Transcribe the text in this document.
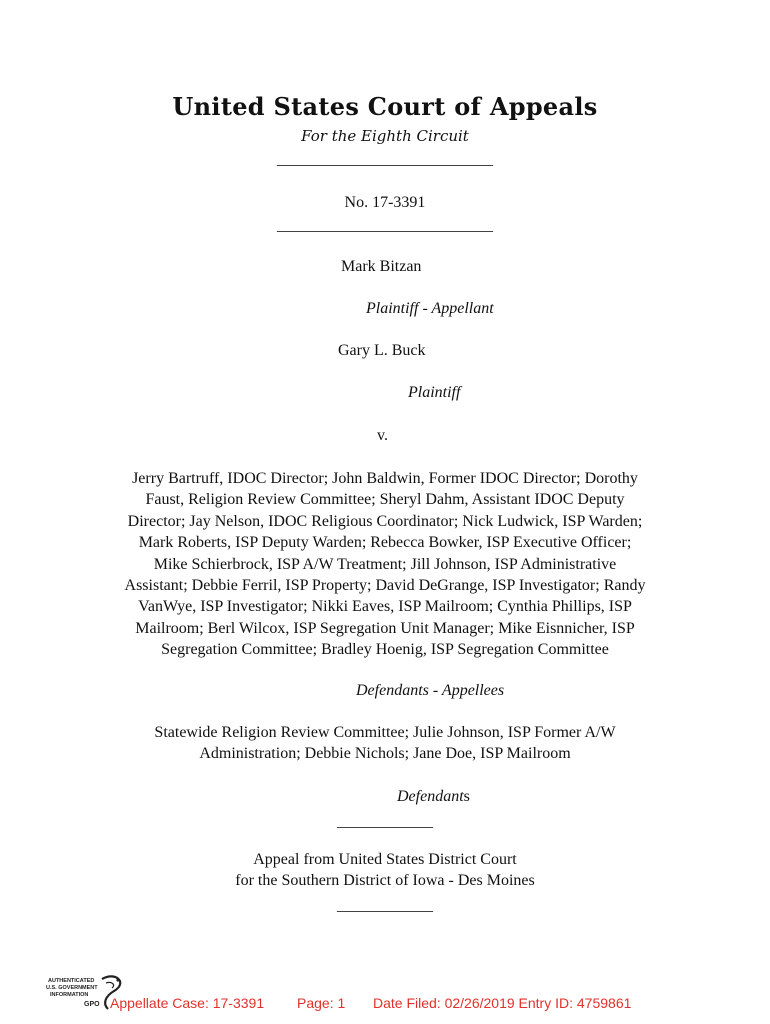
United States Court of Appeals
For the Eighth Circuit
___________________________
No. 17-3391
___________________________
Mark Bitzan
Plaintiff - Appellant
Gary L. Buck
Plaintiff
v.
Jerry Bartruff, IDOC Director; John Baldwin, Former IDOC Director; Dorothy
Faust, Religion Review Committee; Sheryl Dahm, Assistant IDOC Deputy
Director; Jay Nelson, IDOC Religious Coordinator; Nick Ludwick, ISP Warden;
Mark Roberts, ISP Deputy Warden; Rebecca Bowker, ISP Executive Officer;
Mike Schierbrock, ISP A/W Treatment; Jill Johnson, ISP Administrative
Assistant; Debbie Ferril, ISP Property; David DeGrange, ISP Investigator; Randy
VanWye, ISP Investigator; Nikki Eaves, ISP Mailroom; Cynthia Phillips, ISP
Mailroom; Berl Wilcox, ISP Segregation Unit Manager; Mike Eisnnicher, ISP
Segregation Committee; Bradley Hoenig, ISP Segregation Committee
Defendants - Appellees
Statewide Religion Review Committee; Julie Johnson, ISP Former A/W
Administration; Debbie Nichols; Jane Doe, ISP Mailroom
Defendants
____________
Appeal from United States District Court
for the Southern District of Iowa - Des Moines
____________
AUTHENTICATED
U.S. GOVERNMENT
INFORMATION
GPO Appellate Case: 17-3391 Page: 1 Date Filed: 02/26/2019 Entry ID: 4759861
